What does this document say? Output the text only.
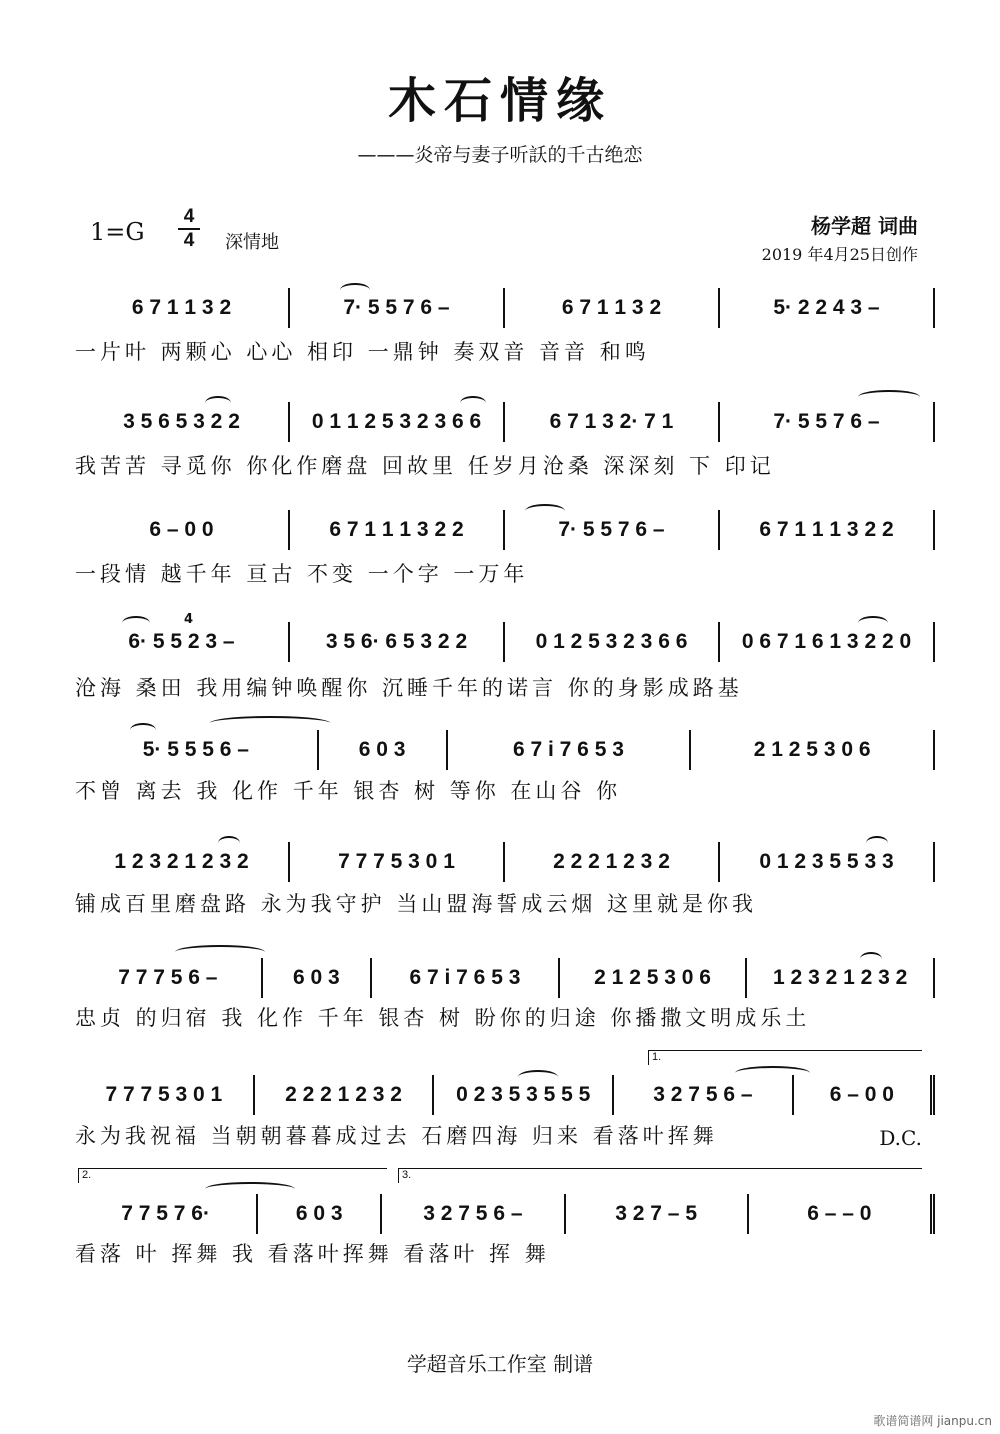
木石情缘
———炎帝与妻子听訞的千古绝恋
$1=G \frac{4}{4}$ 深情地
杨学超 词曲
2019 年4月25日创作
6 7 1 1 3 2	7· 5 5 7 6 –	6 7 1 1 3 2	5· 2 2 4 3 –
一片叶 两颗心 心心 相印 一鼎钟 奏双音 音音 和鸣
3 5 6 5 3 2 2	0 1 1 2 5 3 2 3 6 6	6 7 1 3 2· 7 1	7· 5 5 7 6 –
我苦苦 寻觅你 你化作磨盘 回故里 任岁月沧桑 深深刻 下 印记
6 – 0 0	6 7 1 1 1 3 2 2	7· 5 5 7 6 –	6 7 1 1 1 3 2 2
一段情 越千年 亘古 不变 一个字 一万年
6· 5 5 2 3 –	3 5 6· 6 5 3 2 2	0 1 2 5 3 2 3 6 6	0 6 7 1 6 1 3 2 2 0
4
沧海 桑田 我用编钟唤醒你 沉睡千年的诺言 你的身影成路基
5· 5 5 5 6 –	6 0 3	6 7 i 7 6 5 3	2 1 2 5 3 0 6
不曾 离去 我 化作 千年 银杏 树 等你 在山谷 你
1 2 3 2 1 2 3 2	7 7 7 5 3 0 1	2 2 2 1 2 3 2	0 1 2 3 5 5 3 3
铺成百里磨盘路 永为我守护 当山盟海誓成云烟 这里就是你我
7 7 7 5 6 –	6 0 3	6 7 i 7 6 5 3	2 1 2 5 3 0 6	1 2 3 2 1 2 3 2
忠贞 的归宿 我 化作 千年 银杏 树 盼你的归途 你播撒文明成乐土
1.
7 7 7 5 3 0 1	2 2 2 1 2 3 2	0 2 3 5 3 5 5 5	3 2 7 5 6 –	6 – 0 0
永为我祝福 当朝朝暮暮成过去 石磨四海 归来 看落叶挥舞	D.C.
2.	3.
7 7 5 7 6·	6 0 3	3 2 7 5 6 –	3 2 7 – 5	6 – – 0
看落 叶 挥舞 我 看落叶挥舞 看落叶 挥 舞
学超音乐工作室 制谱
歌谱简谱网 jianpu.cn
